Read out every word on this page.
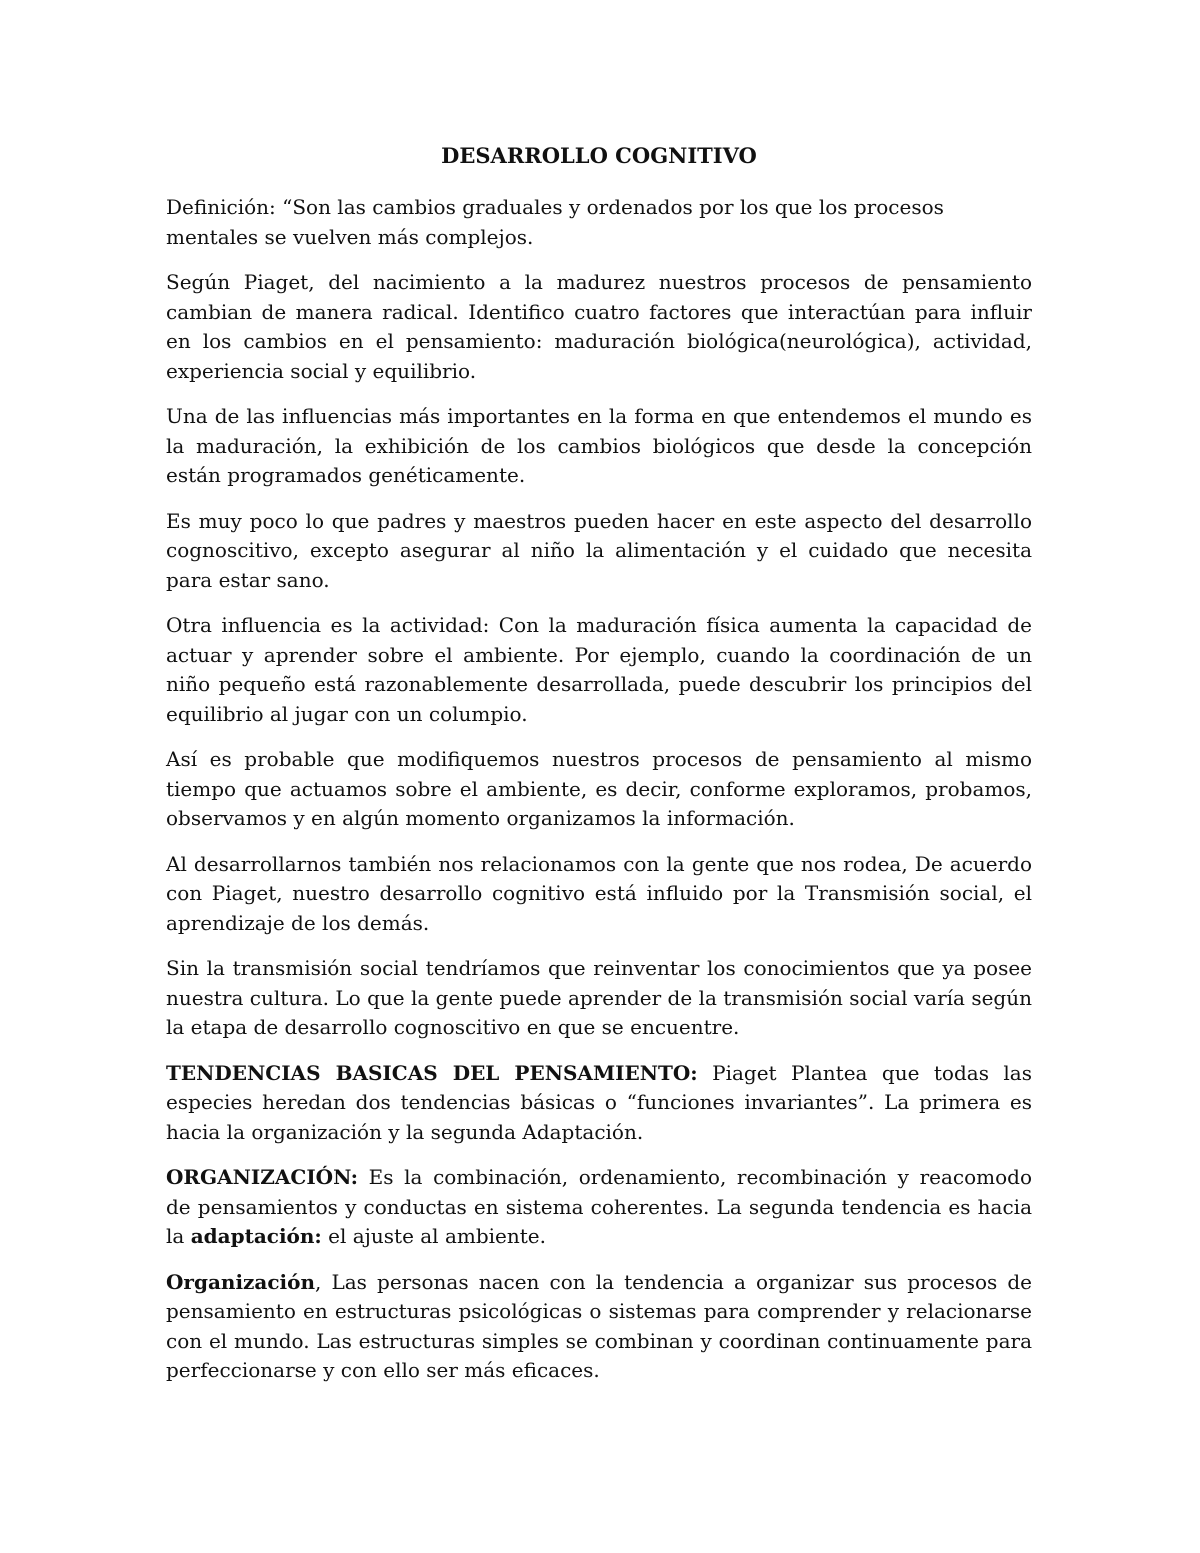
DESARROLLO COGNITIVO

Definición: “Son las cambios graduales y ordenados por los que los procesos mentales se vuelven más complejos.

Según Piaget, del nacimiento a la madurez nuestros procesos de pensamiento cambian de manera radical. Identifico cuatro factores que interactúan para influir en los cambios en el pensamiento: maduración biológica(neurológica), actividad, experiencia social y equilibrio.

Una de las influencias más importantes en la forma en que entendemos el mundo es la maduración, la exhibición de los cambios biológicos que desde la concepción están programados genéticamente.

Es muy poco lo que padres y maestros pueden hacer en este aspecto del desarrollo cognoscitivo, excepto asegurar al niño la alimentación y el cuidado que necesita para estar sano.

Otra influencia es la actividad: Con la maduración física aumenta la capacidad de actuar y aprender sobre el ambiente. Por ejemplo, cuando la coordinación de un niño pequeño está razonablemente desarrollada, puede descubrir los principios del equilibrio al jugar con un columpio.

Así es probable que modifiquemos nuestros procesos de pensamiento al mismo tiempo que actuamos sobre el ambiente, es decir, conforme exploramos, probamos, observamos y en algún momento organizamos la información.

Al desarrollarnos también nos relacionamos con la gente que nos rodea, De acuerdo con Piaget, nuestro desarrollo cognitivo está influido por la Transmisión social, el aprendizaje de los demás.

Sin la transmisión social tendríamos que reinventar los conocimientos que ya posee nuestra cultura. Lo que la gente puede aprender de la transmisión social varía según la etapa de desarrollo cognoscitivo en que se encuentre.

TENDENCIAS BASICAS DEL PENSAMIENTO: Piaget Plantea que todas las especies heredan dos tendencias básicas o “funciones invariantes”. La primera es hacia la organización y la segunda Adaptación.

ORGANIZACIÓN: Es la combinación, ordenamiento, recombinación y reacomodo de pensamientos y conductas en sistema coherentes. La segunda tendencia es hacia la adaptación: el ajuste al ambiente.

Organización, Las personas nacen con la tendencia a organizar sus procesos de pensamiento en estructuras psicológicas o sistemas para comprender y relacionarse con el mundo. Las estructuras simples se combinan y coordinan continuamente para perfeccionarse y con ello ser más eficaces.
